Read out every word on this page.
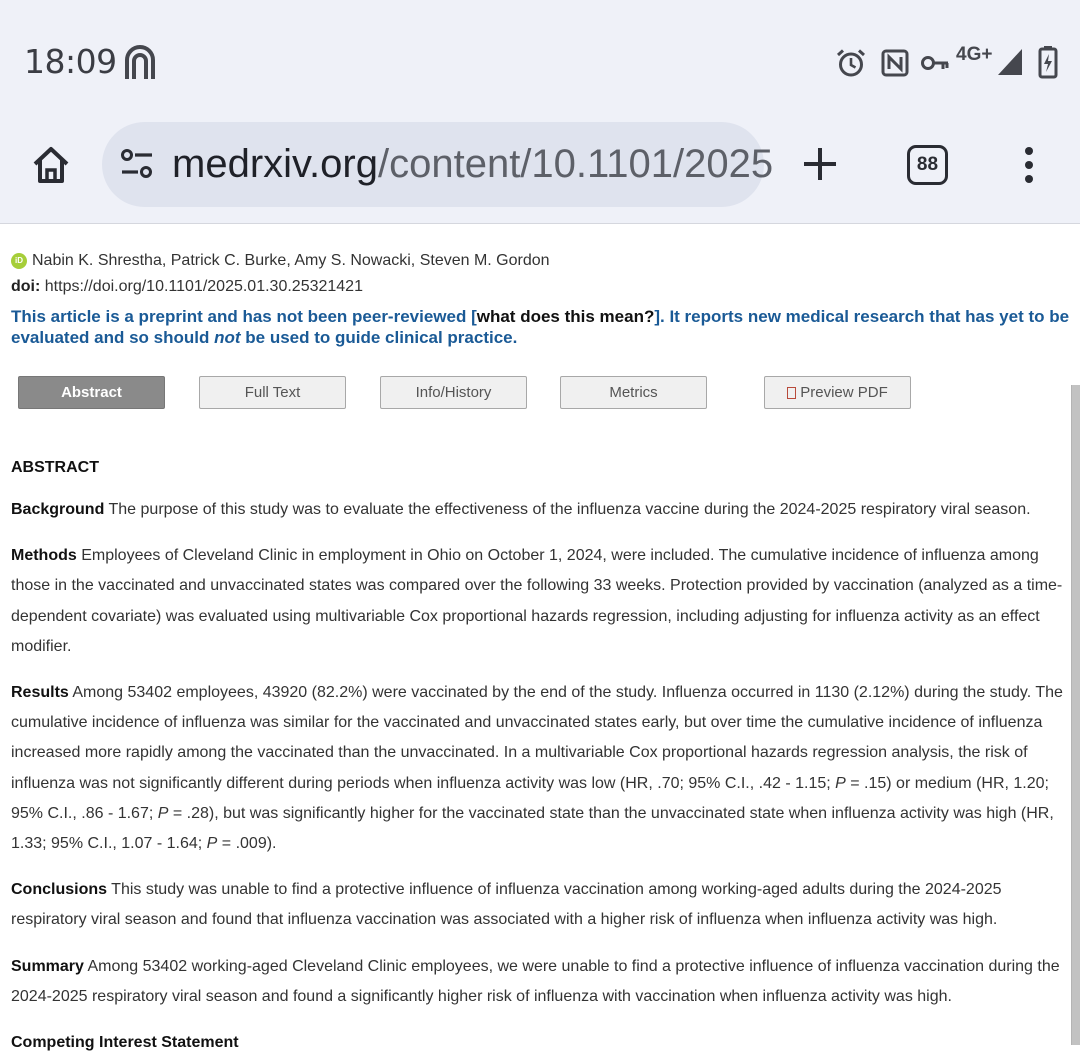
18:09	4G+
medrxiv.org/content/10.1101/2025	88
iD Nabin K. Shrestha, Patrick C. Burke, Amy S. Nowacki, Steven M. Gordon
doi: https://doi.org/10.1101/2025.01.30.25321421
This article is a preprint and has not been peer-reviewed [what does this mean?]. It reports new medical research that has yet to be evaluated and so should not be used to guide clinical practice.
Abstract	Full Text	Info/History	Metrics	Preview PDF
ABSTRACT

Background The purpose of this study was to evaluate the effectiveness of the influenza vaccine during the 2024-2025 respiratory viral season.

Methods Employees of Cleveland Clinic in employment in Ohio on October 1, 2024, were included. The cumulative incidence of influenza among those in the vaccinated and unvaccinated states was compared over the following 33 weeks. Protection provided by vaccination (analyzed as a time- dependent covariate) was evaluated using multivariable Cox proportional hazards regression, including adjusting for influenza activity as an effect modifier.

Results Among 53402 employees, 43920 (82.2%) were vaccinated by the end of the study. Influenza occurred in 1130 (2.12%) during the study. The cumulative incidence of influenza was similar for the vaccinated and unvaccinated states early, but over time the cumulative incidence of influenza increased more rapidly among the vaccinated than the unvaccinated. In a multivariable Cox proportional hazards regression analysis, the risk of influenza was not significantly different during periods when influenza activity was low (HR, .70; 95% C.I., .42 - 1.15; P = .15) or medium (HR, 1.20; 95% C.I., .86 - 1.67; P = .28), but was significantly higher for the vaccinated state than the unvaccinated state when influenza activity was high (HR, 1.33; 95% C.I., 1.07 - 1.64; P = .009).

Conclusions This study was unable to find a protective influence of influenza vaccination among working-aged adults during the 2024-2025 respiratory viral season and found that influenza vaccination was associated with a higher risk of influenza when influenza activity was high.

Summary Among 53402 working-aged Cleveland Clinic employees, we were unable to find a protective influence of influenza vaccination during the 2024-2025 respiratory viral season and found a significantly higher risk of influenza with vaccination when influenza activity was high.

Competing Interest Statement
